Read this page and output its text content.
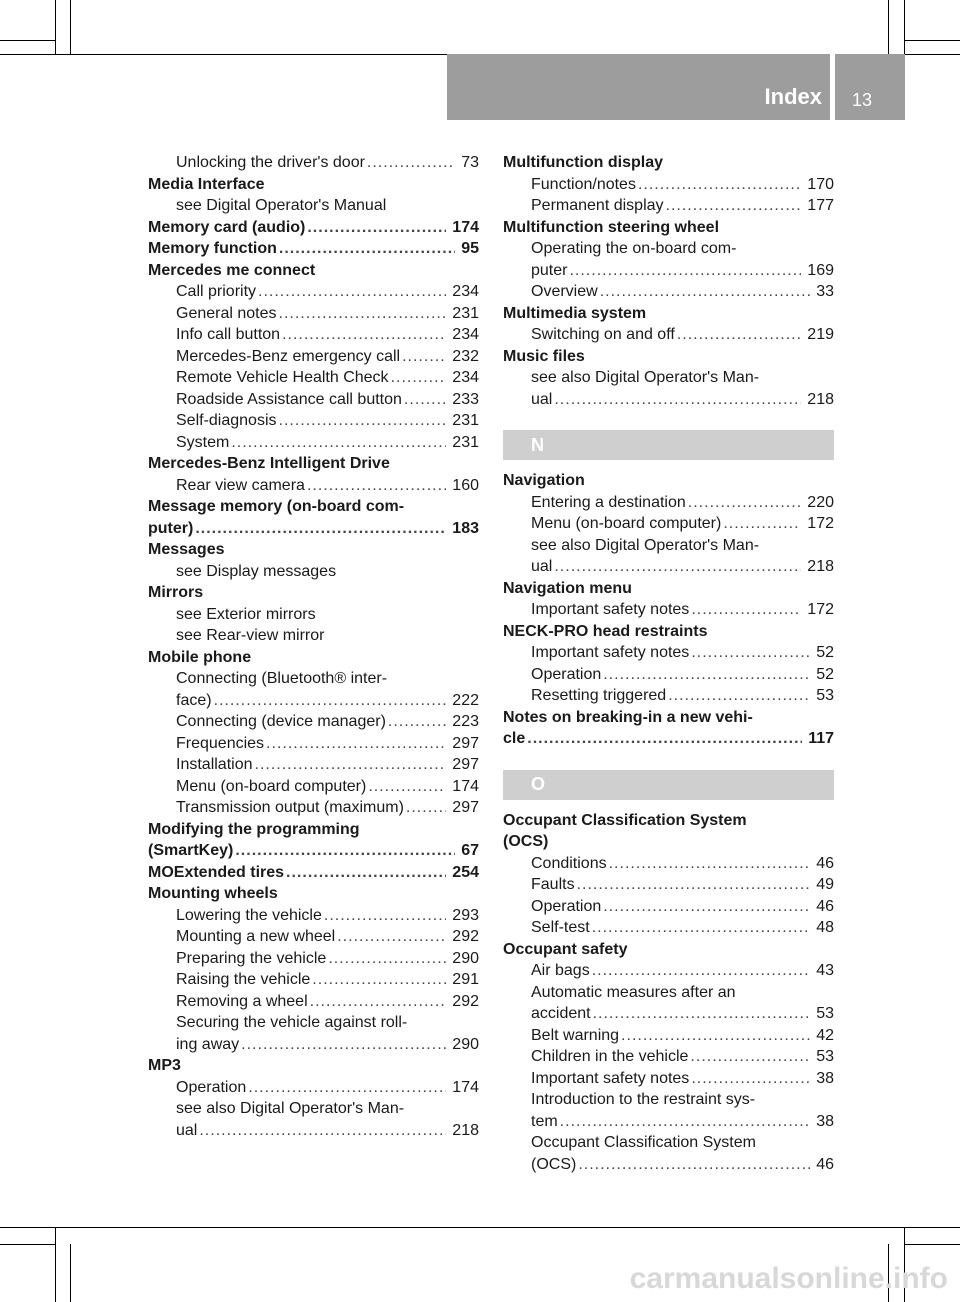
Index 13
Unlocking the driver's door .....	73
Media Interface
see Digital Operator's Manual
Memory card (audio) .....	174
Memory function .....	95
Mercedes me connect
Call priority .....	234
General notes .....	231
Info call button .....	234
Mercedes-Benz emergency call .....	232
Remote Vehicle Health Check .....	234
Roadside Assistance call button .....	233
Self-diagnosis .....	231
System .....	231
Mercedes-Benz Intelligent Drive
Rear view camera .....	160
Message memory (on-board com-
puter) .....	183
Messages
see Display messages
Mirrors
see Exterior mirrors
see Rear-view mirror
Mobile phone
Connecting (Bluetooth® inter-
face) .....	222
Connecting (device manager) .....	223
Frequencies .....	297
Installation .....	297
Menu (on-board computer) .....	174
Transmission output (maximum) .....	297
Modifying the programming
(SmartKey) .....	67
MOExtended tires .....	254
Mounting wheels
Lowering the vehicle .....	293
Mounting a new wheel .....	292
Preparing the vehicle .....	290
Raising the vehicle .....	291
Removing a wheel .....	292
Securing the vehicle against roll-
ing away .....	290
MP3
Operation .....	174
see also Digital Operator's Man-
ual .....	218
Multifunction display
Function/notes .....	170
Permanent display .....	177
Multifunction steering wheel
Operating the on-board com-
puter .....	169
Overview .....	33
Multimedia system
Switching on and off .....	219
Music files
see also Digital Operator's Man-
ual .....	218
N
Navigation
Entering a destination .....	220
Menu (on-board computer) .....	172
see also Digital Operator's Man-
ual .....	218
Navigation menu
Important safety notes .....	172
NECK-PRO head restraints
Important safety notes .....	52
Operation .....	52
Resetting triggered .....	53
Notes on breaking-in a new vehi-
cle .....	117
O
Occupant Classification System
(OCS)
Conditions .....	46
Faults .....	49
Operation .....	46
Self-test .....	48
Occupant safety
Air bags .....	43
Automatic measures after an
accident .....	53
Belt warning .....	42
Children in the vehicle .....	53
Important safety notes .....	38
Introduction to the restraint sys-
tem .....	38
Occupant Classification System
(OCS) .....	46
carmanualsonline.info
